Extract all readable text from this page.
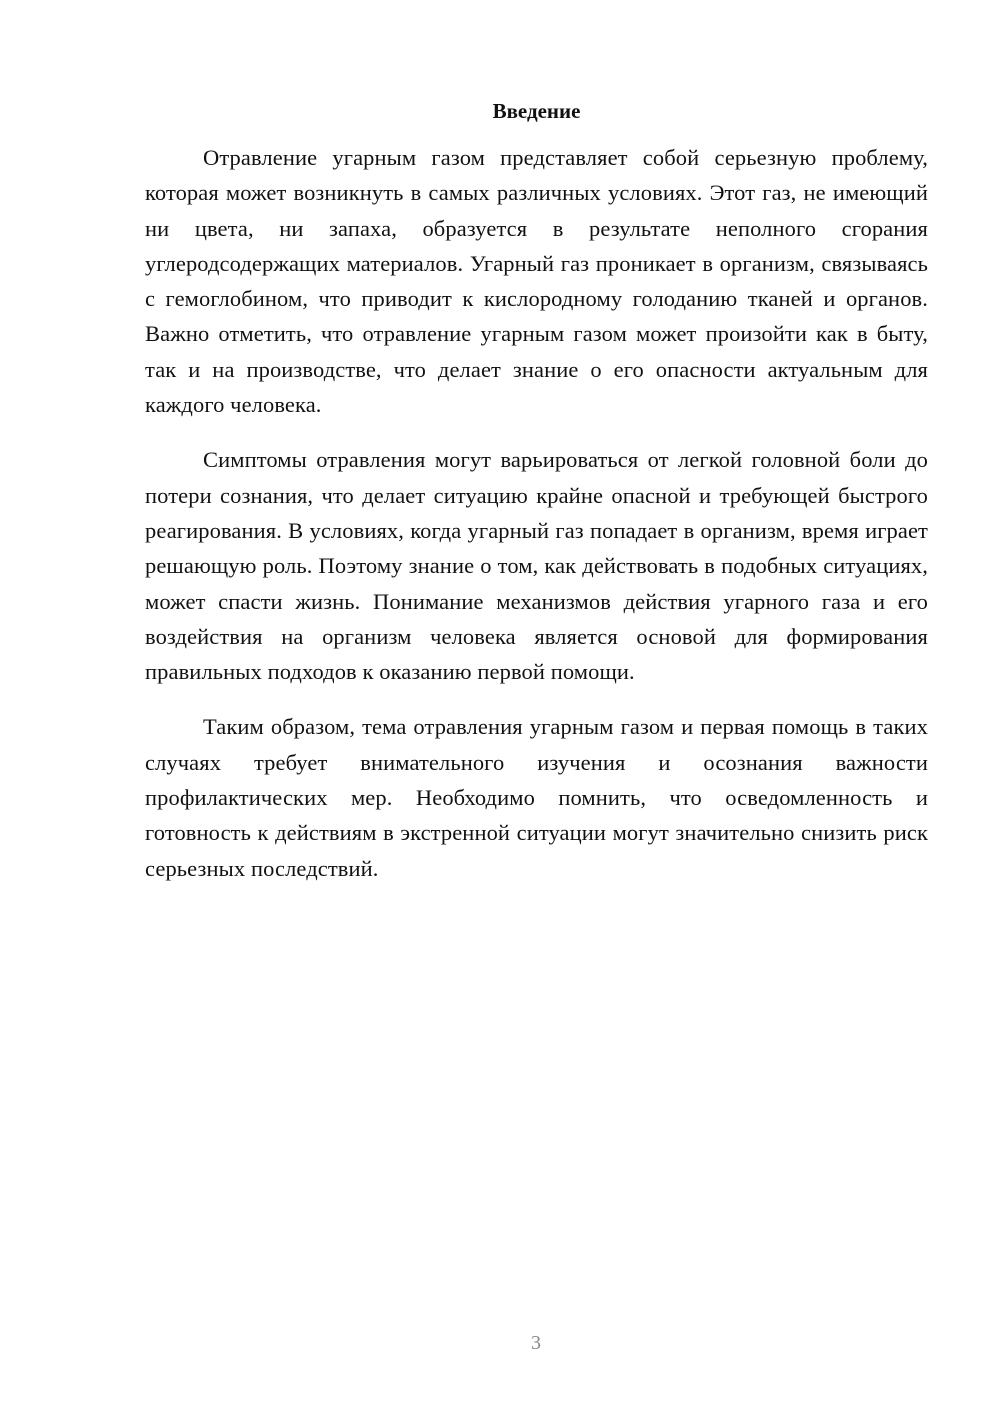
Введение

Отравление угарным газом представляет собой серьезную проблему, которая может возникнуть в самых различных условиях. Этот газ, не имеющий ни цвета, ни запаха, образуется в результате неполного сгорания углеродсодержащих материалов. Угарный газ проникает в организм, связываясь с гемоглобином, что приводит к кислородному голоданию тканей и органов. Важно отметить, что отравление угарным газом может произойти как в быту, так и на производстве, что делает знание о его опасности актуальным для каждого человека.

Симптомы отравления могут варьироваться от легкой головной боли до потери сознания, что делает ситуацию крайне опасной и требующей быстрого реагирования. В условиях, когда угарный газ попадает в организм, время играет решающую роль. Поэтому знание о том, как действовать в подобных ситуациях, может спасти жизнь. Понимание механизмов действия угарного газа и его воздействия на организм человека является основой для формирования правильных подходов к оказанию первой помощи.

Таким образом, тема отравления угарным газом и первая помощь в таких случаях требует внимательного изучения и осознания важности профилактических мер. Необходимо помнить, что осведомленность и готовность к действиям в экстренной ситуации могут значительно снизить риск серьезных последствий.

3
